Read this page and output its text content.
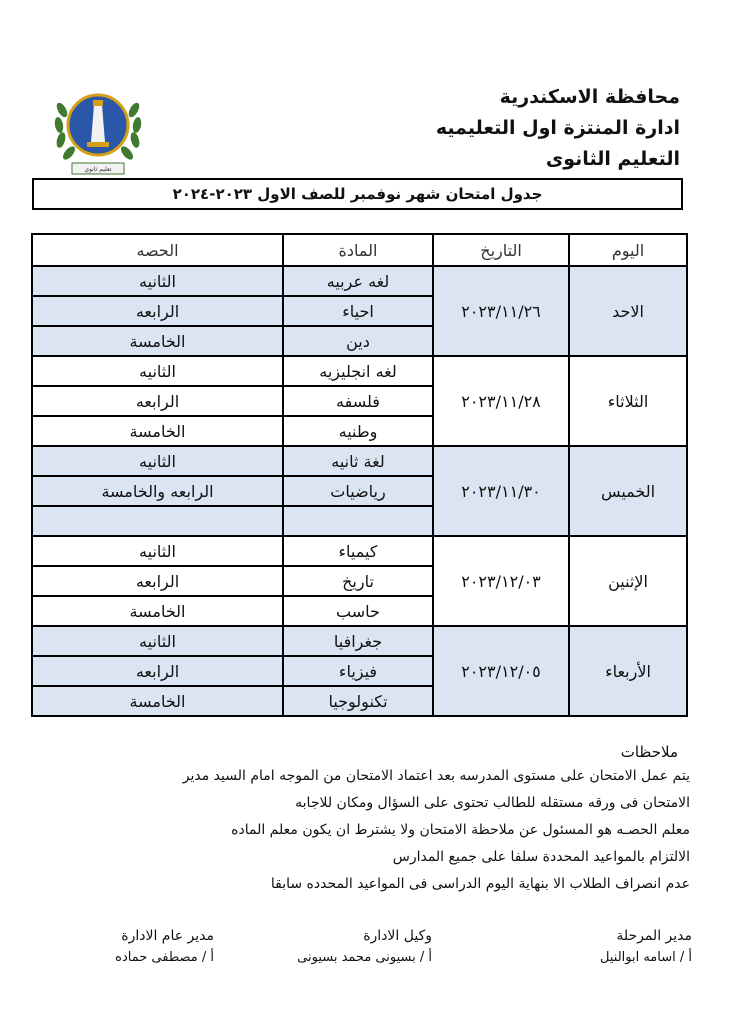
محافظة الاسكندرية
ادارة المنتزة اول التعليميه
التعليم الثانوى
تعليم ثانوي
جدول امتحان شهر نوفمبر للصف الاول ٢٠٢٣-٢٠٢٤
اليوم	التاريخ	المادة	الحصه
الاحد	٢٠٢٣/١١/٢٦	لغه عربيه	الثانيه
		احياء	الرابعه
		دين	الخامسة
الثلاثاء	٢٠٢٣/١١/٢٨	لغه انجليزيه	الثانيه
		فلسفه	الرابعه
		وطنيه	الخامسة
الخميس	٢٠٢٣/١١/٣٠	لغة ثانيه	الثانيه
		رياضيات	الرابعه والخامسة

الإثنين	٢٠٢٣/١٢/٠٣	كيمياء	الثانيه
		تاريخ	الرابعه
		حاسب	الخامسة
الأربعاء	٢٠٢٣/١٢/٠٥	جغرافيا	الثانيه
		فيزياء	الرابعه
		تكنولوجيا	الخامسة
ملاحظات
يتم عمل الامتحان على مستوى المدرسه بعد اعتماد الامتحان من الموجه امام السيد مدير
الامتحان فى ورقه مستقله للطالب تحتوى على السؤال ومكان للاجابه
معلم الحصـه هو المسئول عن ملاحظة الامتحان ولا يشترط ان يكون معلم الماده
الالتزام بالمواعيد المحددة سلفا على جميع المدارس
عدم انصراف الطلاب الا بنهاية اليوم الدراسى فى المواعيد المحدده سابقا
مدير المرحلة
أ / اسامه ابوالنيل
وكيل الادارة
أ / بسيونى محمد بسيونى
مدير عام الادارة
أ / مصطفى حماده
